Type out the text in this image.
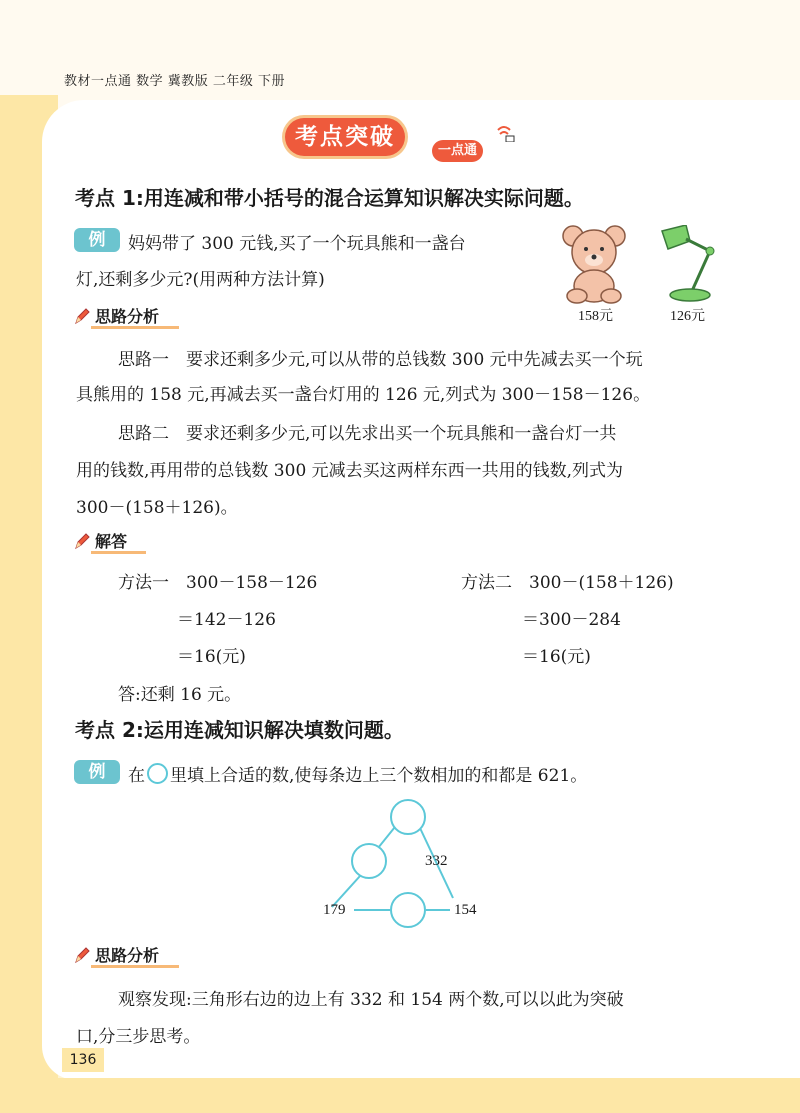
教材一点通 数学 冀教版 二年级 下册
考点突破
一点通
考点 1:用连减和带小括号的混合运算知识解决实际问题。
例	妈妈带了 300 元钱,买了一个玩具熊和一盏台
灯,还剩多少元?(用两种方法计算)
158元	126元
思路分析
思路一　要求还剩多少元,可以从带的总钱数 300 元中先减去买一个玩
具熊用的 158 元,再减去买一盏台灯用的 126 元,列式为 300－158－126。
思路二　要求还剩多少元,可以先求出买一个玩具熊和一盏台灯一共
用的钱数,再用带的总钱数 300 元减去买这两样东西一共用的钱数,列式为
300－(158＋126)。
解答
方法一　300－158－126
＝142－126
＝16(元)
方法二　300－(158＋126)
＝300－284
＝16(元)
答:还剩 16 元。
考点 2:运用连减知识解决填数问题。
例	在 里填上合适的数,使每条边上三个数相加的和都是 621。
332
179	154
思路分析
观察发现:三角形右边的边上有 332 和 154 两个数,可以以此为突破
口,分三步思考。
136
